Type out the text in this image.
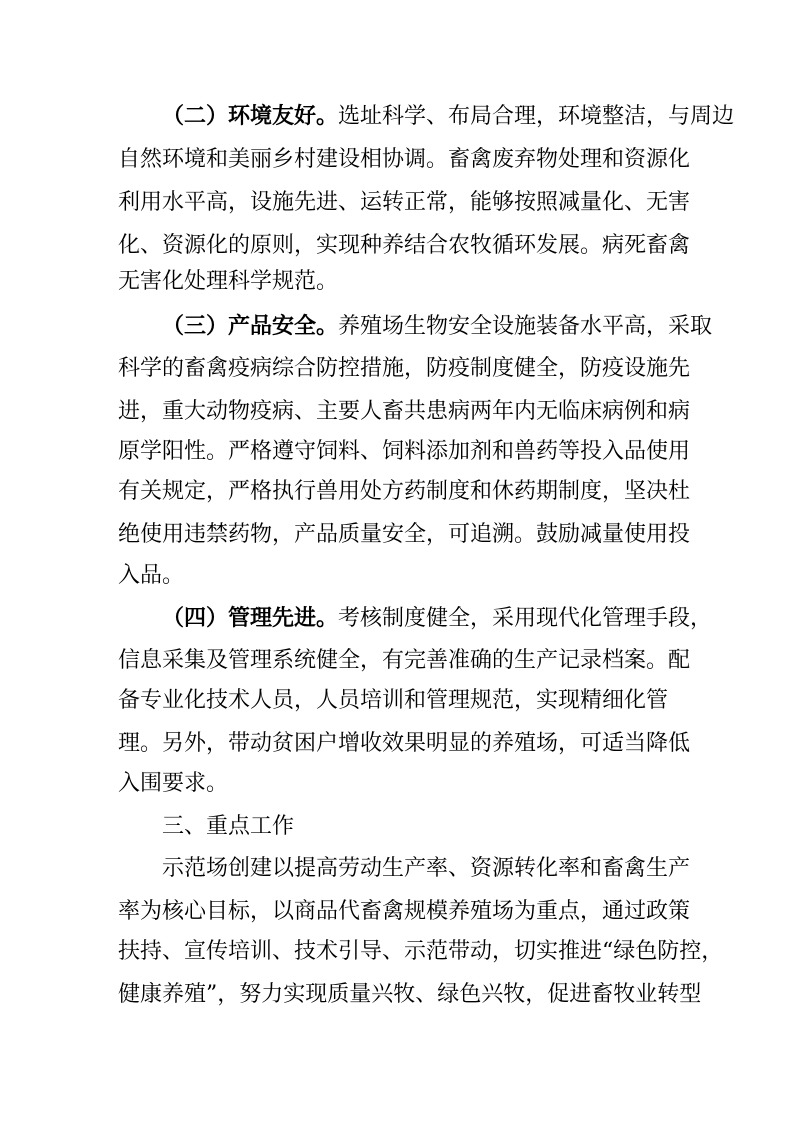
（二）环境友好。选址科学、布局合理，环境整洁，与周边
自然环境和美丽乡村建设相协调。畜禽废弃物处理和资源化
利用水平高，设施先进、运转正常，能够按照减量化、无害
化、资源化的原则，实现种养结合农牧循环发展。病死畜禽
无害化处理科学规范。
（三）产品安全。养殖场生物安全设施装备水平高，采取
科学的畜禽疫病综合防控措施，防疫制度健全，防疫设施先
进，重大动物疫病、主要人畜共患病两年内无临床病例和病
原学阳性。严格遵守饲料、饲料添加剂和兽药等投入品使用
有关规定，严格执行兽用处方药制度和休药期制度，坚决杜
绝使用违禁药物，产品质量安全，可追溯。鼓励减量使用投
入品。
（四）管理先进。考核制度健全，采用现代化管理手段，
信息采集及管理系统健全，有完善准确的生产记录档案。配
备专业化技术人员，人员培训和管理规范，实现精细化管
理。另外，带动贫困户增收效果明显的养殖场，可适当降低
入围要求。
三、重点工作
示范场创建以提高劳动生产率、资源转化率和畜禽生产
率为核心目标，以商品代畜禽规模养殖场为重点，通过政策
扶持、宣传培训、技术引导、示范带动，切实推进“绿色防控，
健康养殖”，努力实现质量兴牧、绿色兴牧，促进畜牧业转型
